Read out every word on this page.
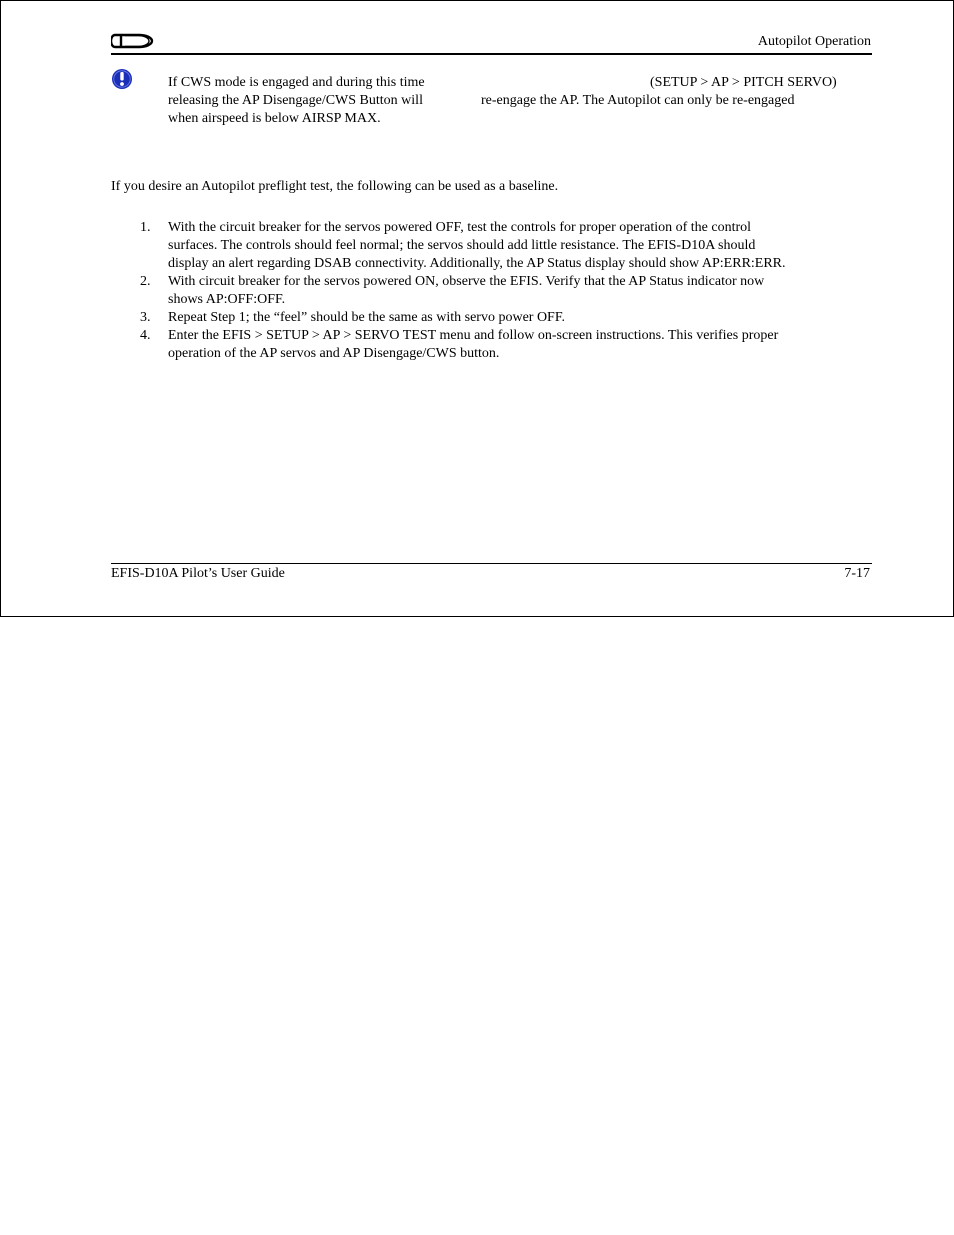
Autopilot Operation
If CWS mode is engaged and during this time	(SETUP > AP > PITCH SERVO)
releasing the AP Disengage/CWS Button will	re-engage the AP. The Autopilot can only be re-engaged
when airspeed is below AIRSP MAX.
If you desire an Autopilot preflight test, the following can be used as a baseline.
1. With the circuit breaker for the servos powered OFF, test the controls for proper operation of the control
surfaces. The controls should feel normal; the servos should add little resistance. The EFIS-D10A should
display an alert regarding DSAB connectivity. Additionally, the AP Status display should show AP:ERR:ERR.
2. With circuit breaker for the servos powered ON, observe the EFIS. Verify that the AP Status indicator now
shows AP:OFF:OFF.
3. Repeat Step 1; the “feel” should be the same as with servo power OFF.
4. Enter the EFIS > SETUP > AP > SERVO TEST menu and follow on-screen instructions. This verifies proper
operation of the AP servos and AP Disengage/CWS button.
EFIS-D10A Pilot’s User Guide	7-17
